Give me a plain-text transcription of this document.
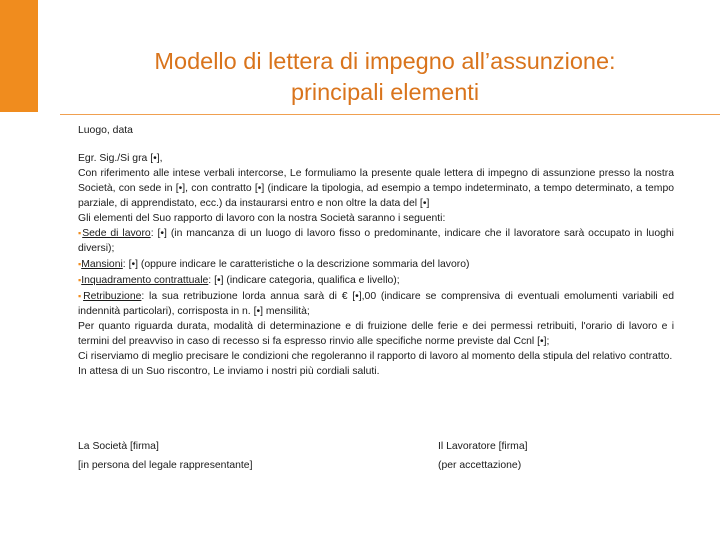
Modello di lettera di impegno all’assunzione:
principali elementi

Luogo, data

Egr. Sig./Si gra [•],

Con riferimento alle intese verbali intercorse, Le formuliamo la presente quale lettera di impegno di assunzione presso la nostra Società, con sede in [•], con contratto [•] (indicare la tipologia, ad esempio a tempo indeterminato, a tempo determinato, a tempo parziale, di apprendistato, ecc.) da instaurarsi entro e non oltre la data del [•]

Gli elementi del Suo rapporto di lavoro con la nostra Società saranno i seguenti:

▪Sede di lavoro: [•] (in mancanza di un luogo di lavoro fisso o predominante, indicare che il lavoratore sarà occupato in luoghi diversi);

▪Mansioni: [•] (oppure indicare le caratteristiche o la descrizione sommaria del lavoro)

▪Inquadramento contrattuale: [•] (indicare categoria, qualifica e livello);

▪Retribuzione: la sua retribuzione lorda annua sarà di € [•],00 (indicare se comprensiva di eventuali emolumenti variabili ed indennità particolari), corrisposta in n. [•] mensilità;

Per quanto riguarda durata, modalità di determinazione e di fruizione delle ferie e dei permessi retribuiti, l'orario di lavoro e i termini del preavviso in caso di recesso si fa espresso rinvio alle specifiche norme previste dal Ccnl [•];

Ci riserviamo di meglio precisare le condizioni che regoleranno il rapporto di lavoro al momento della stipula del relativo contratto.

In attesa di un Suo riscontro, Le inviamo i nostri più cordiali saluti.

La Società [firma]

[in persona del legale rappresentante]

Il Lavoratore [firma]

(per accettazione)
